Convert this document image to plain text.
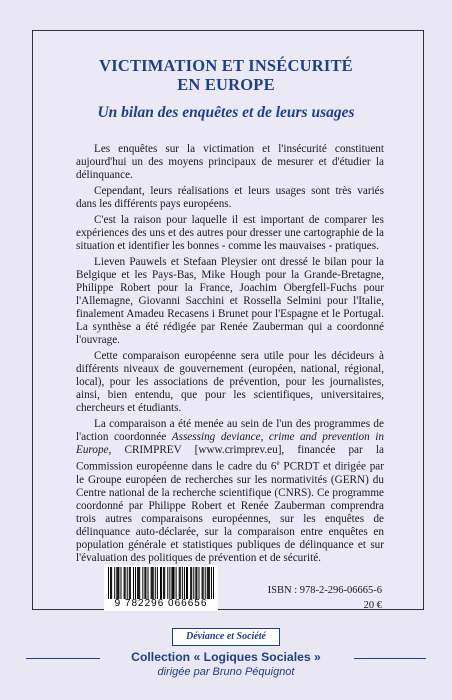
VICTIMATION ET INSÉCURITÉ
EN EUROPE
Un bilan des enquêtes et de leurs usages

Les enquêtes sur la victimation et l'insécurité constituent aujourd'hui un des moyens principaux de mesurer et d'étudier la délinquance.

Cependant, leurs réalisations et leurs usages sont très variés dans les différents pays européens.

C'est la raison pour laquelle il est important de comparer les expériences des uns et des autres pour dresser une cartographie de la situation et identifier les bonnes - comme les mauvaises - pratiques.

Lieven Pauwels et Stefaan Pleysier ont dressé le bilan pour la Belgique et les Pays-Bas, Mike Hough pour la Grande-Bretagne, Philippe Robert pour la France, Joachim Obergfell-Fuchs pour l'Allemagne, Giovanni Sacchini et Rossella Selmini pour l'Italie, finalement Amadeu Recasens i Brunet pour l'Espagne et le Portugal. La synthèse a été rédigée par Renée Zauberman qui a coordonné l'ouvrage.

Cette comparaison européenne sera utile pour les décideurs à différents niveaux de gouvernement (européen, national, régional, local), pour les associations de prévention, pour les journalistes, ainsi, bien entendu, que pour les scientifiques, universitaires, chercheurs et étudiants.

La comparaison a été menée au sein de l'un des programmes de l'action coordonnée Assessing deviance, crime and prevention in Europe, CRIMPREV [www.crimprev.eu], financée par la Commission européenne dans le cadre du 6e PCRDT et dirigée par le Groupe européen de recherches sur les normativités (GERN) du Centre national de la recherche scientifique (CNRS). Ce programme coordonné par Philippe Robert et Renée Zauberman comprendra trois autres comparaisons européennes, sur les enquêtes de délinquance auto-déclarée, sur la comparaison entre enquêtes en population générale et statistiques publiques de délinquance et sur l'évaluation des politiques de prévention et de sécurité.

9 782296 066656
ISBN : 978-2-296-06665-6
20 €
Déviance et Société
Collection « Logiques Sociales »
dirigée par Bruno Péquignot
